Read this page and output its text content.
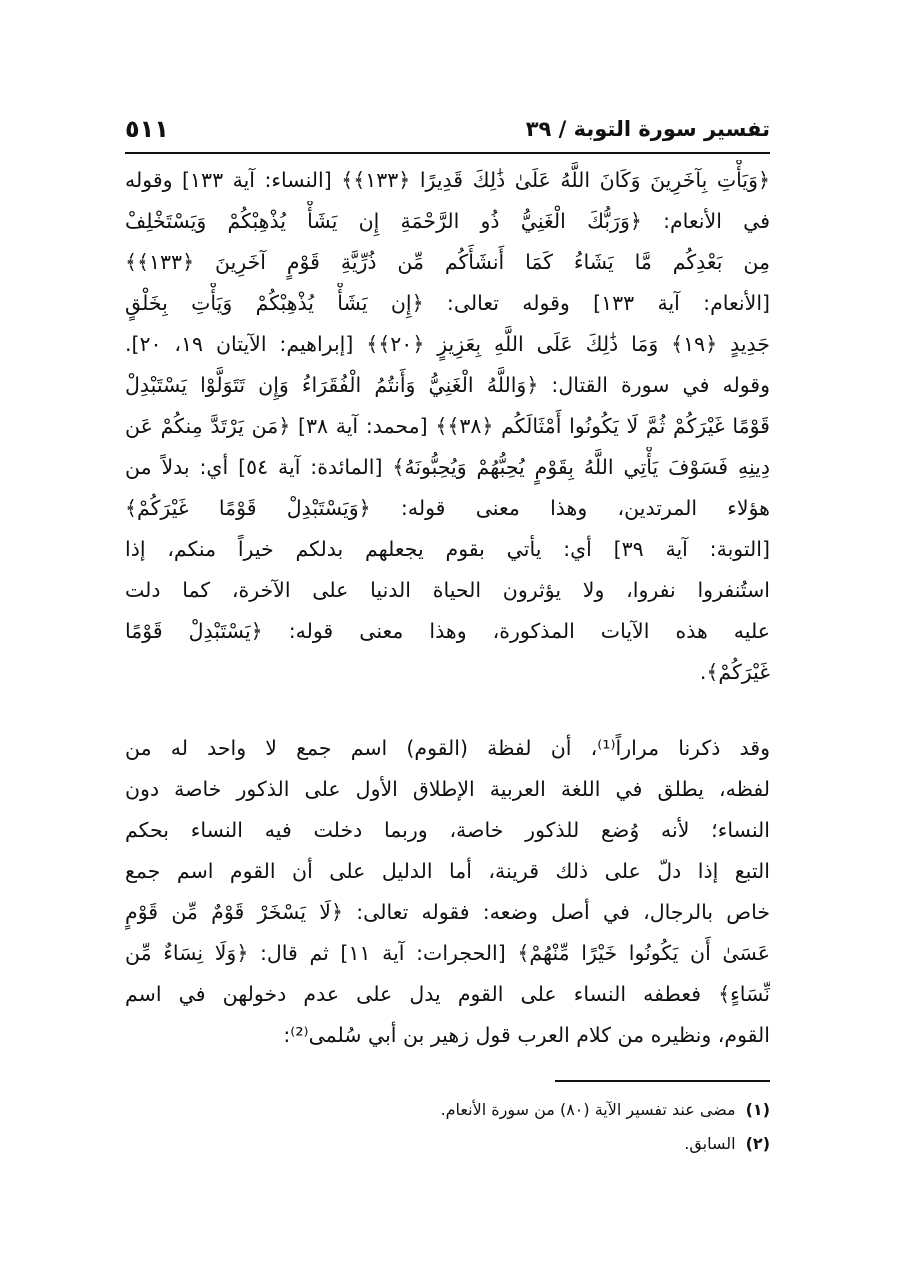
تفسير سورة التوبة / ٣٩
٥١١
﴿وَيَأْتِ بِآخَرِينَ وَكَانَ اللَّهُ عَلَىٰ ذَٰلِكَ قَدِيرًا ﴿١٣٣﴾﴾ [النساء: آية ١٣٣] وقوله
في الأنعام: ﴿وَرَبُّكَ الْغَنِيُّ ذُو الرَّحْمَةِ إِن يَشَأْ يُذْهِبْكُمْ وَيَسْتَخْلِفْ
مِن بَعْدِكُم مَّا يَشَاءُ كَمَا أَنشَأَكُم مِّن ذُرِّيَّةِ قَوْمٍ آخَرِينَ ﴿١٣٣﴾﴾
[الأنعام: آية ١٣٣] وقوله تعالى: ﴿إِن يَشَأْ يُذْهِبْكُمْ وَيَأْتِ بِخَلْقٍ
جَدِيدٍ ﴿١٩﴾ وَمَا ذَٰلِكَ عَلَى اللَّهِ بِعَزِيزٍ ﴿٢٠﴾﴾ [إبراهيم: الآيتان ١٩، ٢٠].
وقوله في سورة القتال: ﴿وَاللَّهُ الْغَنِيُّ وَأَنتُمُ الْفُقَرَاءُ وَإِن تَتَوَلَّوْا يَسْتَبْدِلْ
قَوْمًا غَيْرَكُمْ ثُمَّ لَا يَكُونُوا أَمْثَالَكُم ﴿٣٨﴾﴾ [محمد: آية ٣٨] ﴿مَن يَرْتَدَّ مِنكُمْ عَن
دِينِهِ فَسَوْفَ يَأْتِي اللَّهُ بِقَوْمٍ يُحِبُّهُمْ وَيُحِبُّونَهُ﴾ [المائدة: آية ٥٤] أي: بدلاً من
هؤلاء المرتدين، وهذا معنى قوله: ﴿وَيَسْتَبْدِلْ قَوْمًا غَيْرَكُمْ﴾
[التوبة: آية ٣٩] أي: يأتي بقوم يجعلهم بدلكم خيراً منكم، إذا
استُنفروا نفروا، ولا يؤثرون الحياة الدنيا على الآخرة، كما دلت
عليه هذه الآيات المذكورة، وهذا معنى قوله: ﴿يَسْتَبْدِلْ قَوْمًا
غَيْرَكُمْ﴾.
وقد ذكرنا مراراً⁽¹⁾، أن لفظة (القوم) اسم جمع لا واحد له من
لفظه، يطلق في اللغة العربية الإطلاق الأول على الذكور خاصة دون
النساء؛ لأنه وُضع للذكور خاصة، وربما دخلت فيه النساء بحكم
التبع إذا دلّ على ذلك قرينة، أما الدليل على أن القوم اسم جمع
خاص بالرجال، في أصل وضعه: فقوله تعالى: ﴿لَا يَسْخَرْ قَوْمٌ مِّن قَوْمٍ
عَسَىٰ أَن يَكُونُوا خَيْرًا مِّنْهُمْ﴾ [الحجرات: آية ١١] ثم قال: ﴿وَلَا نِسَاءٌ مِّن
نِّسَاءٍ﴾ فعطفه النساء على القوم يدل على عدم دخولهن في اسم
القوم، ونظيره من كلام العرب قول زهير بن أبي سُلمى⁽²⁾:
(١)مضى عند تفسير الآية (٨٠) من سورة الأنعام.
(٢)السابق.
